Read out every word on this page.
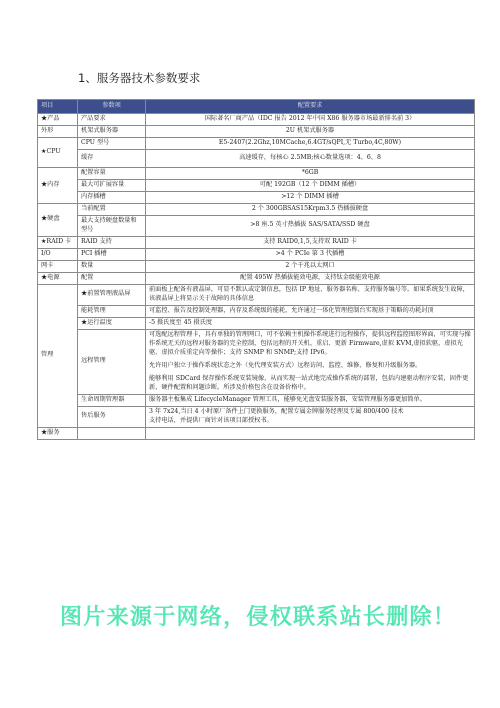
1、服务器技术参数要求
项目	参数项	配置要求
★产品	产品要求	国际著名厂商产品（IDC 报告 2012 年中国 X86 服务器市场最新排名前 3）
外形	机架式服务器	2U 机架式服务器
★CPU	CPU 型号	E5-2407(2.2Ghz,10MCache,6.4GT/sQPI,无 Turbo,4C,80W)
	缓存	高速缓存，每核心 2.5MB;核心数量选项：4、6、8
★内存	配置容量	*6GB
	最大可扩展容量	可配 192GB（12 个 DIMM 插槽）
	内存插槽	>12 个 DIMM 插槽
★硬盘	当前配置	2 个 300GBSAS15Krpm3.5 热插拔硬盘
	最大支持硬盘数量和型号	>8 座.5 英寸热插拔 SAS/SATA/SSD 硬盘
★RAID 卡	RAID 支持	支持 RAID0,1,5,支持双 RAID 卡
I/O	PCI 插槽	>4 个 PCIe 第 3 代插槽
网卡	数量	2 个千兆以太网口
★电源	配置	配置 495W 热插拔能效电源，支持钛金级能效电源
管理	★前置管理液晶屏	前面板上配备有液晶屏，可显不默认或定制信息，包括 IP 地址、服务器名称、支持服务编号等。如果系统发生故障，该液晶屏上将显示关于故障的具体信息
	能耗管理	可监控、报告及控制处理器，内存及系统级的能耗，允许通过一体化管理控制台实现基于策略的功耗封顶
	★运行温度	-5 摄氏度至 45 摄氏度
	远程管理	可选配远程管理卡，具有单独的管理网口，可不依赖主机操作系统进行远程操作，提供远程监控图形界面，可实现与操作系统无关的远程对服务器的完全控制，包括远程的开关机、重启、更新 Firmware,虚拟 KVM,虚拟软驱，虚拟光驱、虚拟介质重定向等操作；支持 SNMP 和 SNMP;支持 IPv6。
允许用户独立于操作系统状态之外（免代理安装方式）远程访问、监控、维修、修复和升级服务器。
能够利用 SDCard 保存操作系统安装镜像，从而实现一站式地完成操作系统的部署，包括内建驱动程序安装，固件更新、硬件配置和问题诊断。所涉及价格包含在设备价格中。

	生命周期管理器	服务器主板集成 LifecycleManager 管理工具，能够免光盘安装服务器，安装管理服务器更加简单。
	售后服务	3 年 7x24,当日 4 小时原厂备件上门更换服务，配置专属金牌服务经理及专属 800/400 技术
支持电话，并提供厂商针对该项目部授权书。

★服务		
图片来源于网络，侵权联系站长删除！
